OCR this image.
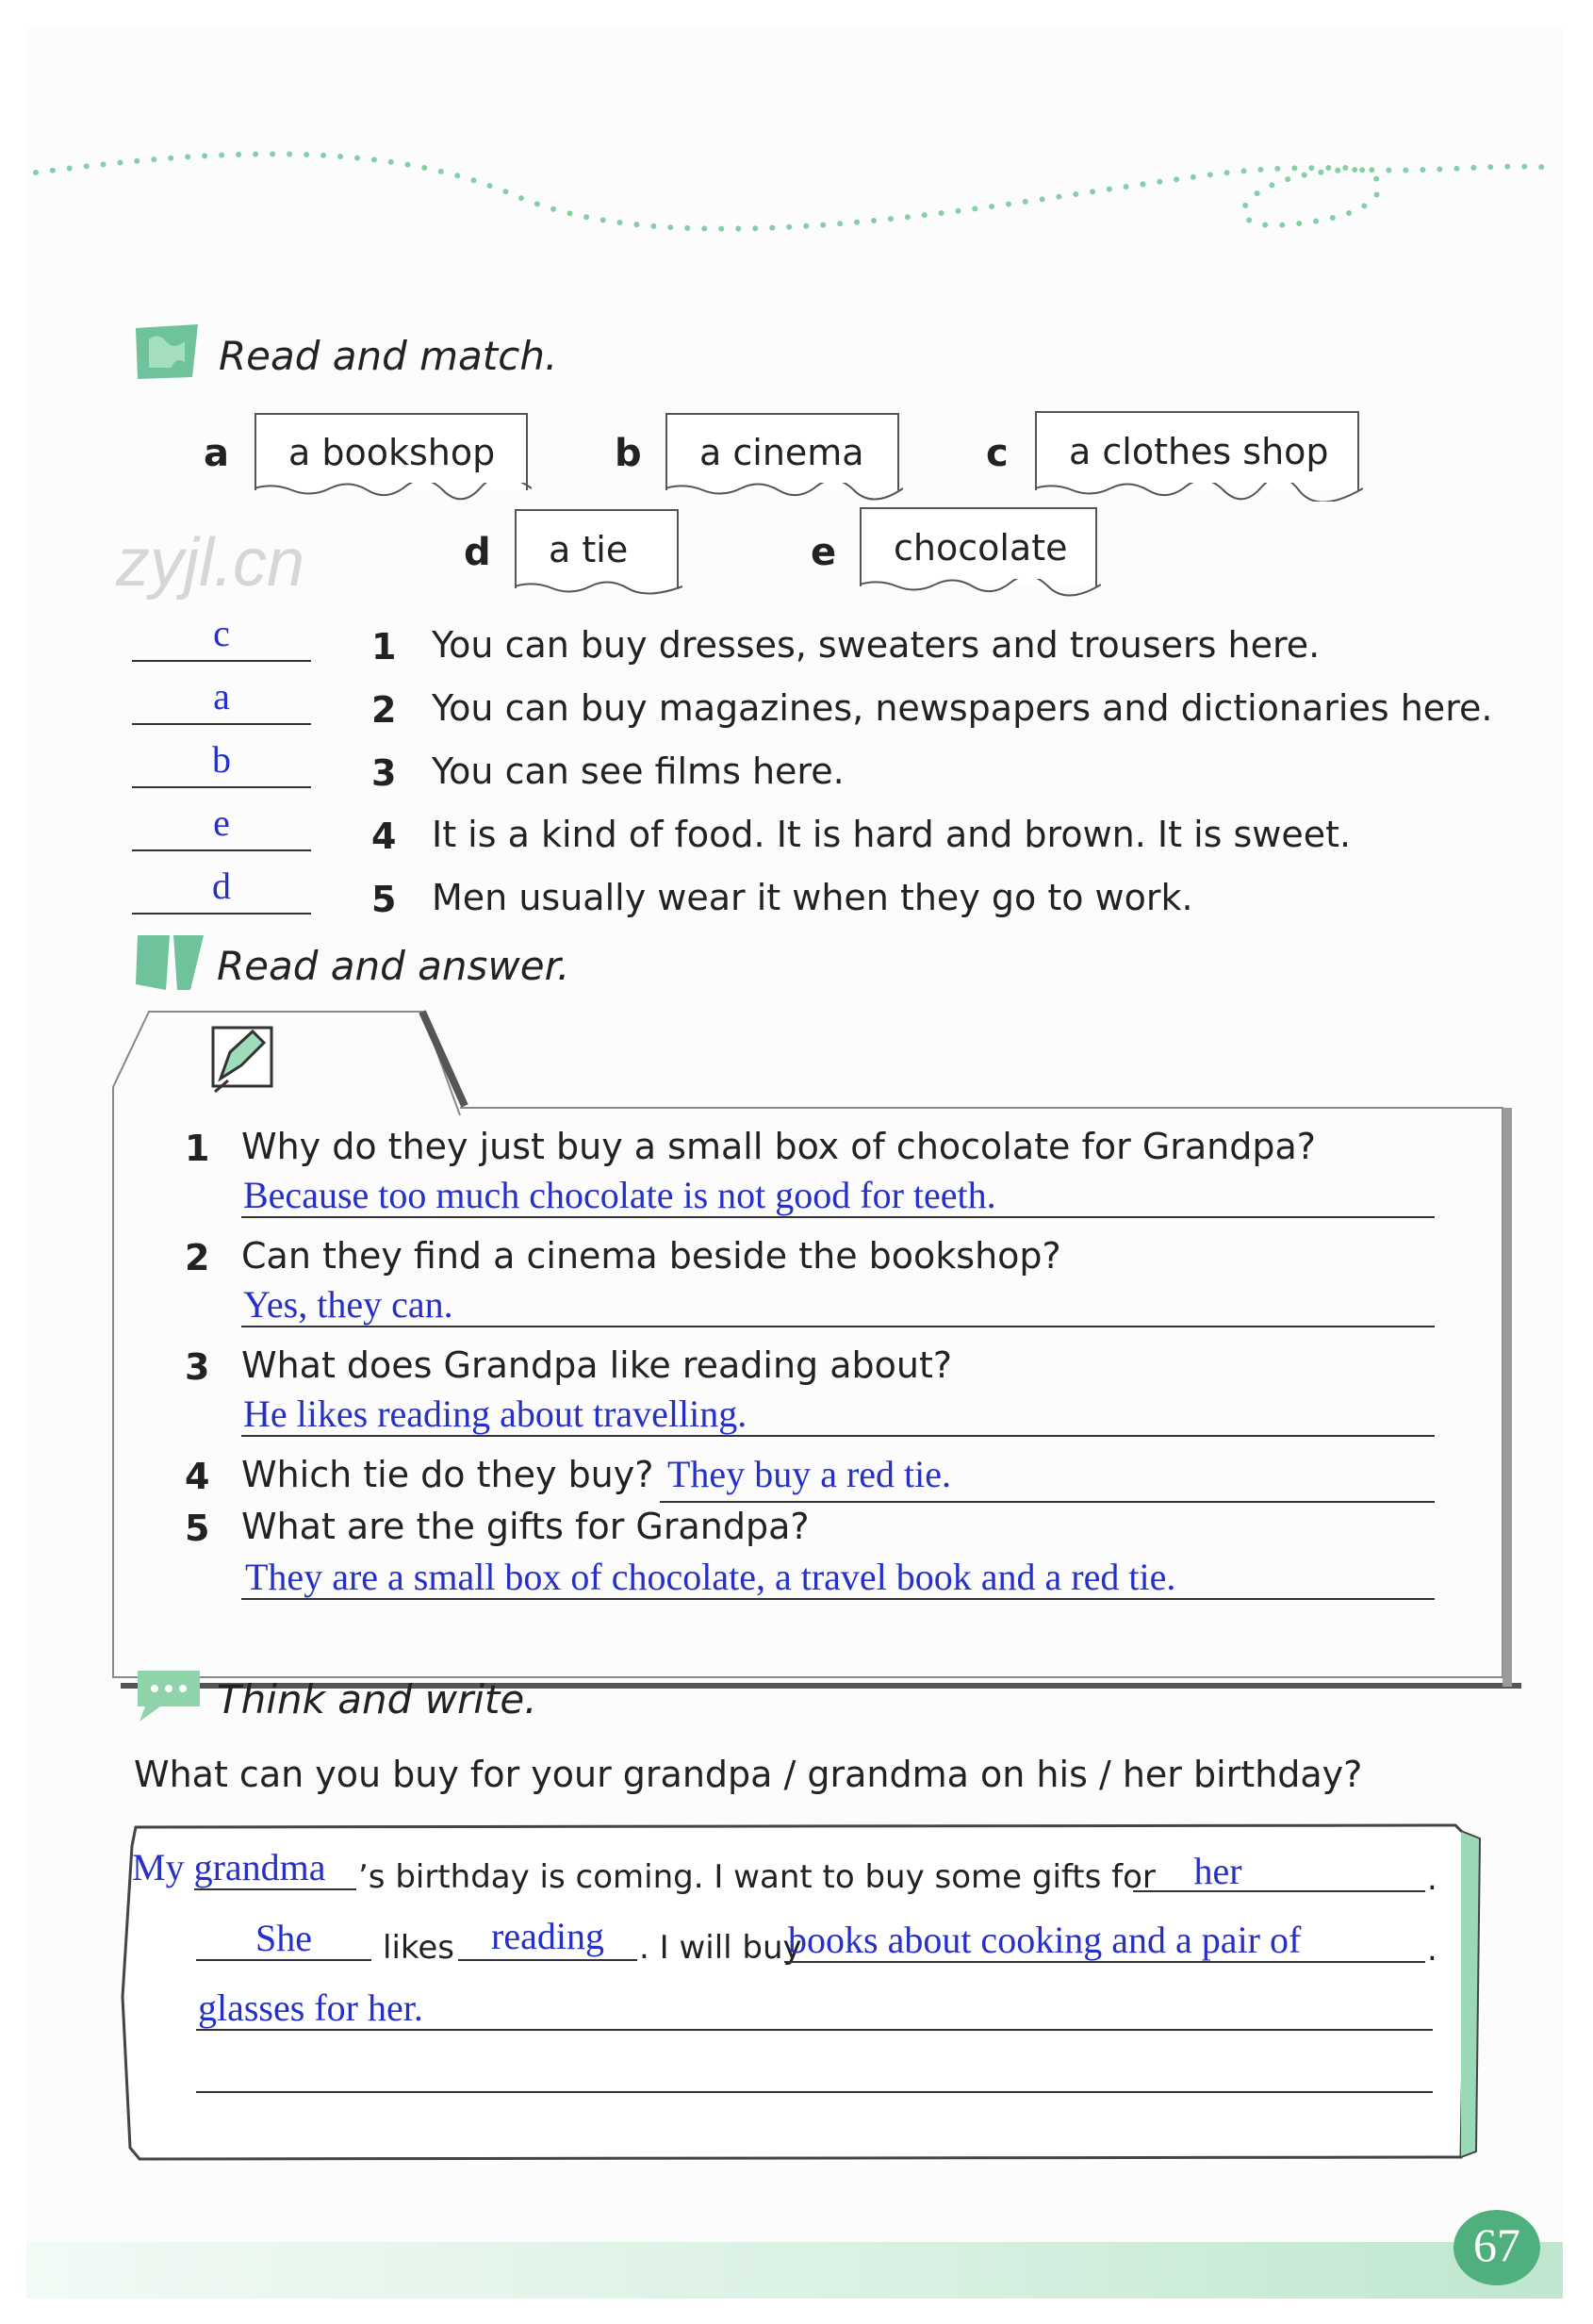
zyjl.cn
Read and match.
a a bookshop	b a cinema	c a clothes shop
d a tie	e chocolate
c	1 You can buy dresses, sweaters and trousers here.
a	2 You can buy magazines, newspapers and dictionaries here.
b	3 You can see films here.
e	4 It is a kind of food. It is hard and brown. It is sweet.
d	5 Men usually wear it when they go to work.
Read and answer.
1 Why do they just buy a small box of chocolate for Grandpa?
Because too much chocolate is not good for teeth.
2 Can they find a cinema beside the bookshop?
Yes, they can.
3 What does Grandpa like reading about?
He likes reading about travelling.
4 Which tie do they buy? They buy a red tie.
5 What are the gifts for Grandpa?
They are a small box of chocolate, a travel book and a red tie.
Think and write.
What can you buy for your grandpa / grandma on his / her birthday?
My grandma ’s birthday is coming. I want to buy some gifts for	her	.
She	likes reading	. I will buy
books about cooking and a pair of	.
glasses for her.
67
